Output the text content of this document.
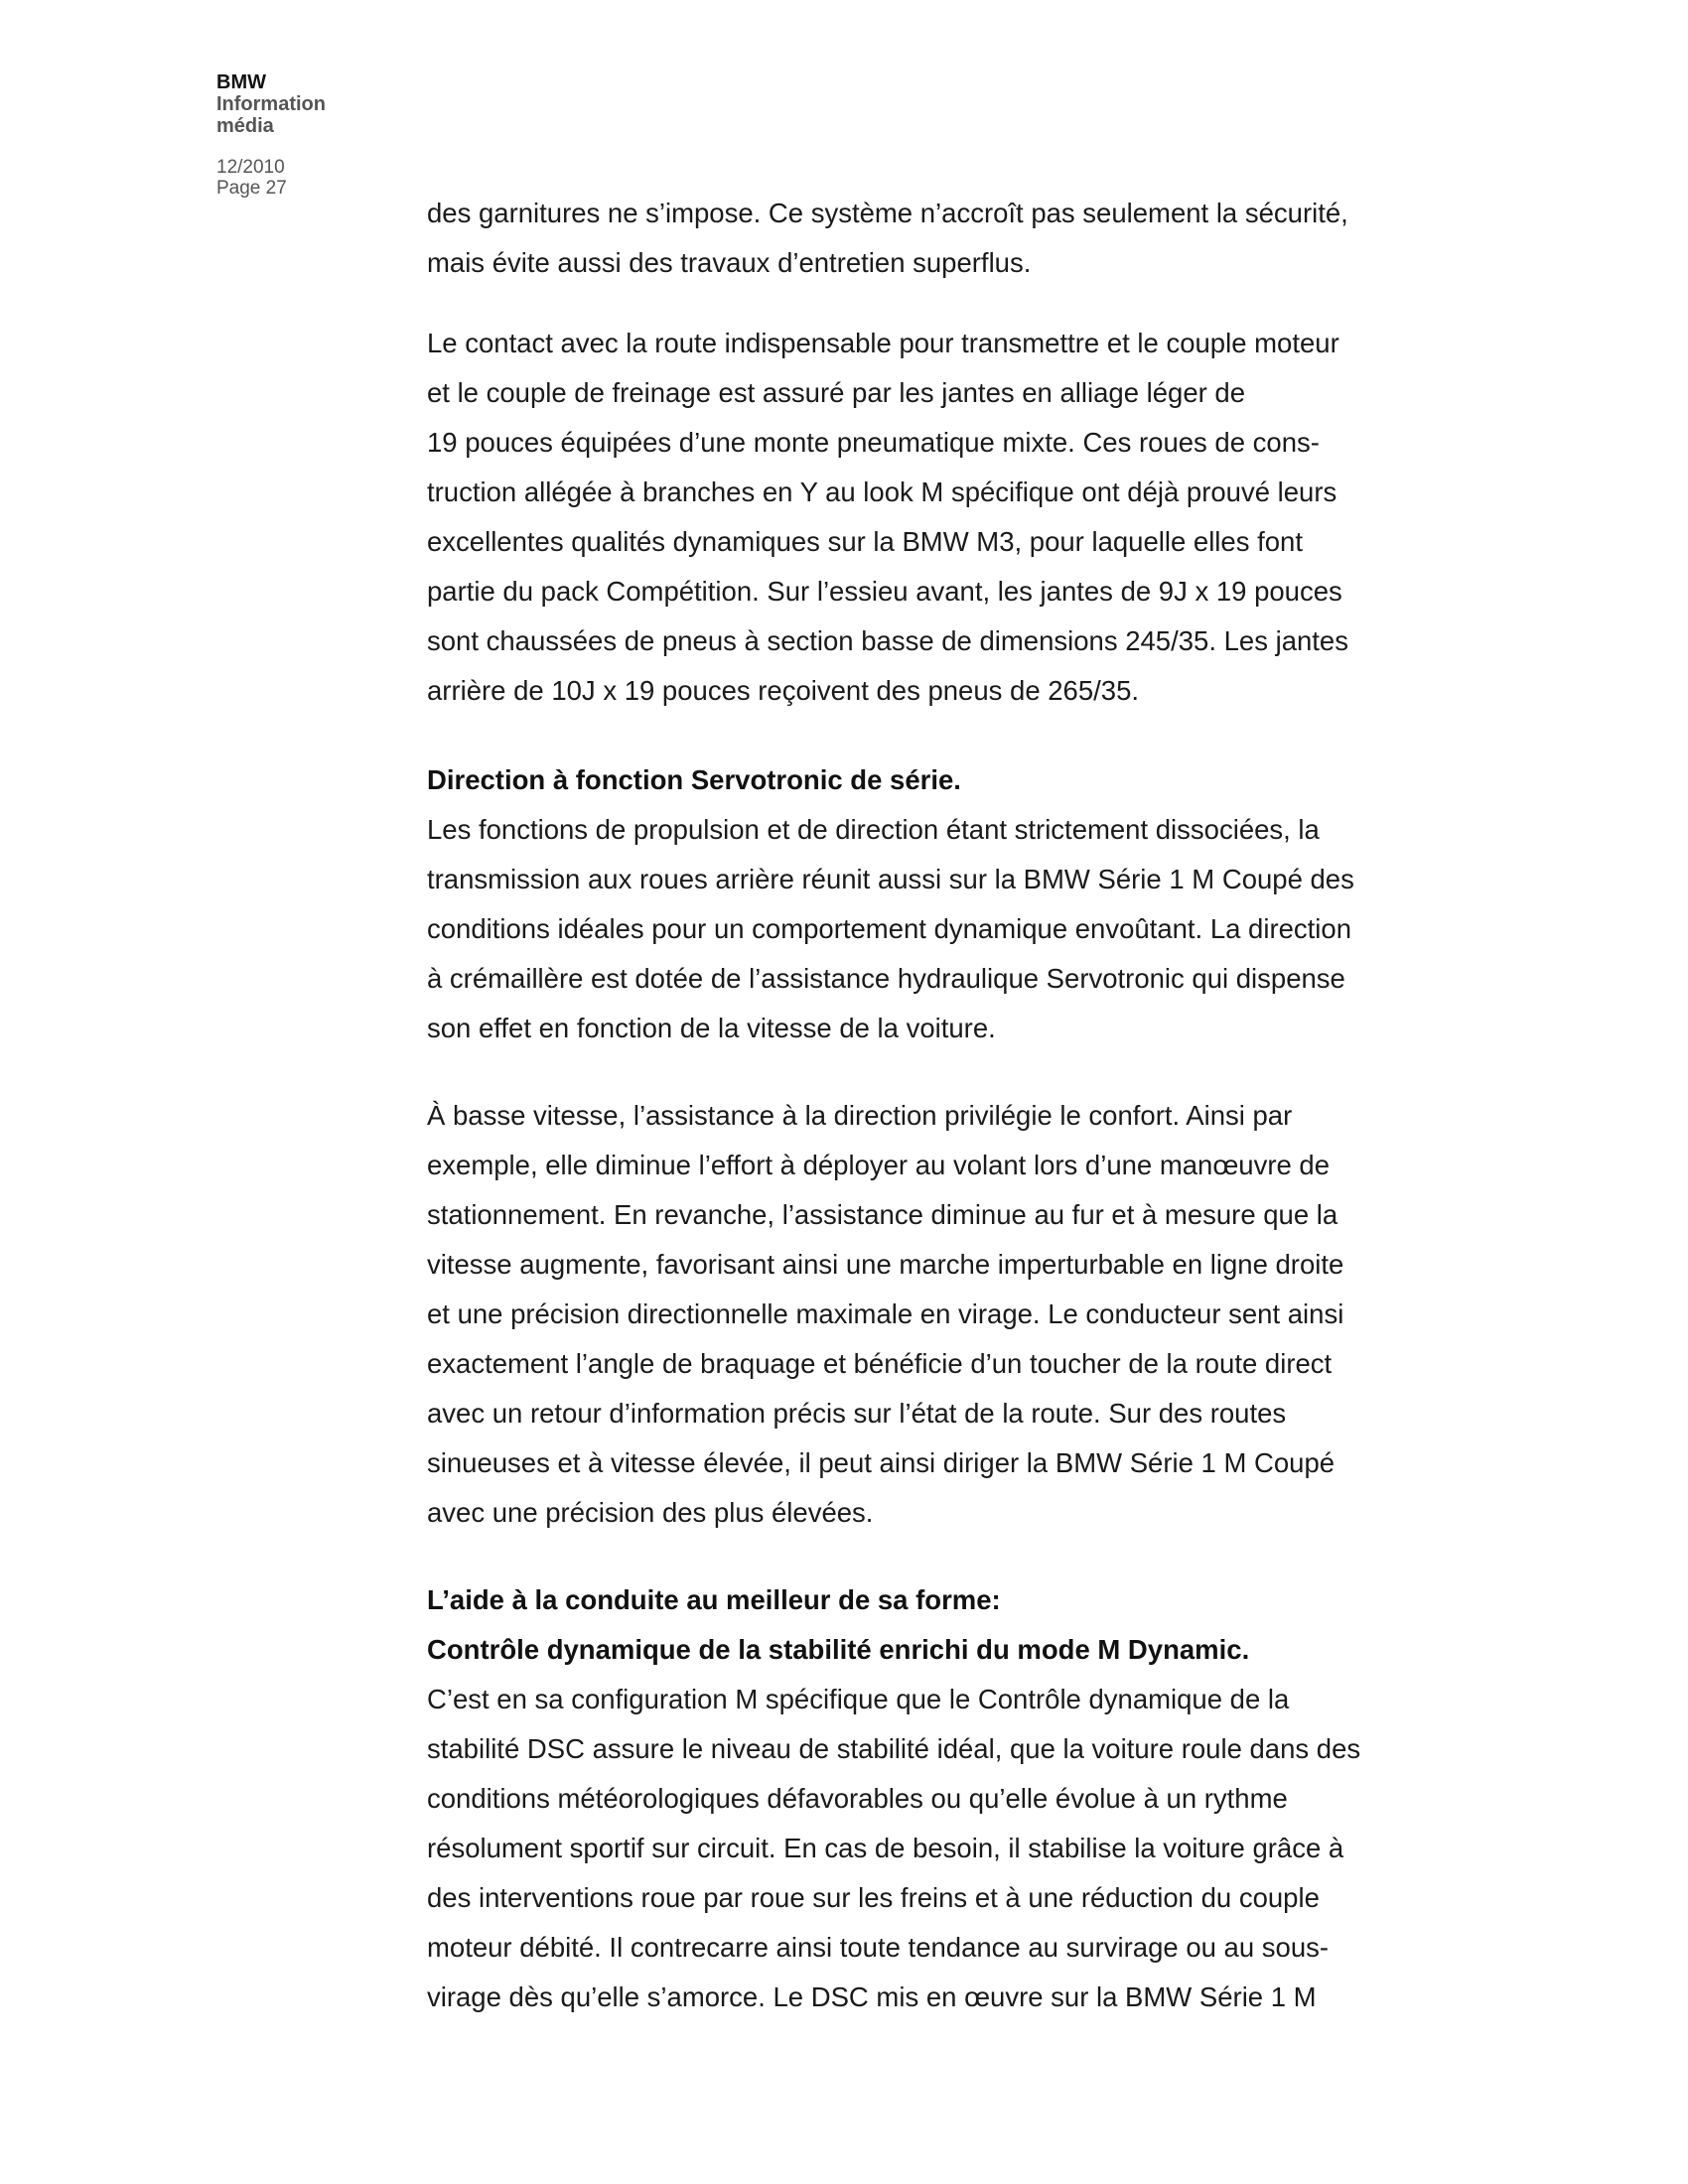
BMW
Information
média
12/2010
Page 27
des garnitures ne s’impose. Ce système n’accroît pas seulement la sécurité,
mais évite aussi des travaux d’entretien superflus.
Le contact avec la route indispensable pour transmettre et le couple moteur
et le couple de freinage est assuré par les jantes en alliage léger de
19 pouces équipées d’une monte pneumatique mixte. Ces roues de cons-
truction allégée à branches en Y au look M spécifique ont déjà prouvé leurs
excellentes qualités dynamiques sur la BMW M3, pour laquelle elles font
partie du pack Compétition. Sur l’essieu avant, les jantes de 9J x 19 pouces
sont chaussées de pneus à section basse de dimensions 245/35. Les jantes
arrière de 10J x 19 pouces reçoivent des pneus de 265/35.
Direction à fonction Servotronic de série.
Les fonctions de propulsion et de direction étant strictement dissociées, la
transmission aux roues arrière réunit aussi sur la BMW Série 1 M Coupé des
conditions idéales pour un comportement dynamique envoûtant. La direction
à crémaillère est dotée de l’assistance hydraulique Servotronic qui dispense
son effet en fonction de la vitesse de la voiture.
À basse vitesse, l’assistance à la direction privilégie le confort. Ainsi par
exemple, elle diminue l’effort à déployer au volant lors d’une manœuvre de
stationnement. En revanche, l’assistance diminue au fur et à mesure que la
vitesse augmente, favorisant ainsi une marche imperturbable en ligne droite
et une précision directionnelle maximale en virage. Le conducteur sent ainsi
exactement l’angle de braquage et bénéficie d’un toucher de la route direct
avec un retour d’information précis sur l’état de la route. Sur des routes
sinueuses et à vitesse élevée, il peut ainsi diriger la BMW Série 1 M Coupé
avec une précision des plus élevées.
L’aide à la conduite au meilleur de sa forme:
Contrôle dynamique de la stabilité enrichi du mode M Dynamic.
C’est en sa configuration M spécifique que le Contrôle dynamique de la
stabilité DSC assure le niveau de stabilité idéal, que la voiture roule dans des
conditions météorologiques défavorables ou qu’elle évolue à un rythme
résolument sportif sur circuit. En cas de besoin, il stabilise la voiture grâce à
des interventions roue par roue sur les freins et à une réduction du couple
moteur débité. Il contrecarre ainsi toute tendance au survirage ou au sous-
virage dès qu’elle s’amorce. Le DSC mis en œuvre sur la BMW Série 1 M
